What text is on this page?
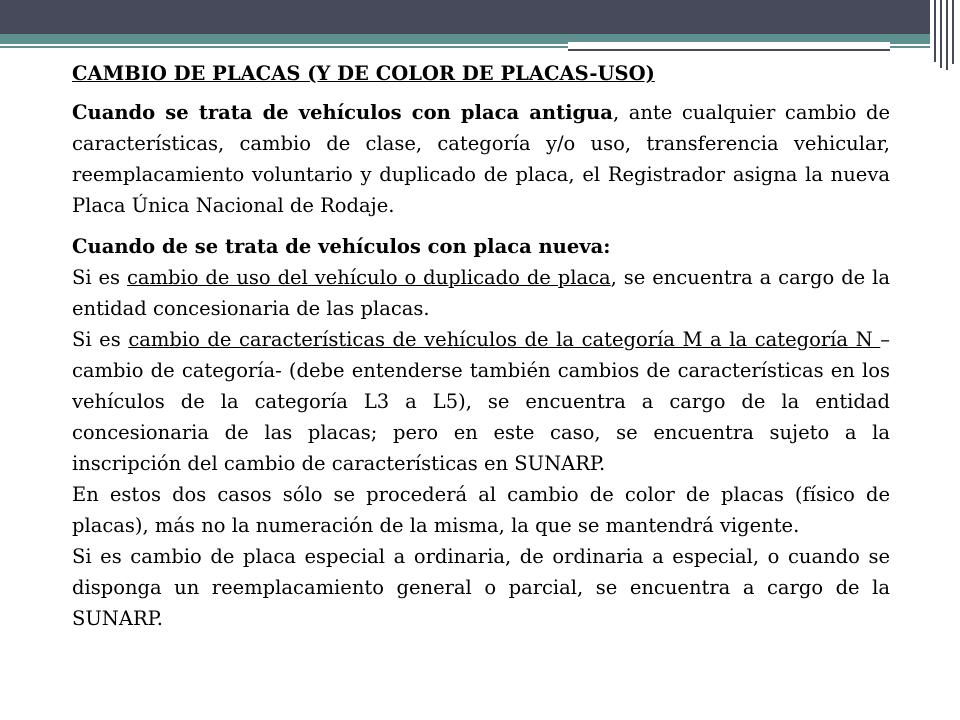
CAMBIO DE PLACAS (Y DE COLOR DE PLACAS-USO)
Cuando se trata de vehículos con placa antigua, ante cualquier cambio de características, cambio de clase, categoría y/o uso, transferencia vehicular, reemplacamiento voluntario y duplicado de placa, el Registrador asigna la nueva Placa Única Nacional de Rodaje.
Cuando de se trata de vehículos con placa nueva:
Si es cambio de uso del vehículo o duplicado de placa, se encuentra a cargo de la entidad concesionaria de las placas.
Si es cambio de características de vehículos de la categoría M a la categoría N –cambio de categoría- (debe entenderse también cambios de características en los vehículos de la categoría L3 a L5), se encuentra a cargo de la entidad concesionaria de las placas; pero en este caso, se encuentra sujeto a la inscripción del cambio de características en SUNARP.
En estos dos casos sólo se procederá al cambio de color de placas (físico de placas), más no la numeración de la misma, la que se mantendrá vigente.
Si es cambio de placa especial a ordinaria, de ordinaria a especial, o cuando se disponga un reemplacamiento general o parcial, se encuentra a cargo de la SUNARP.
